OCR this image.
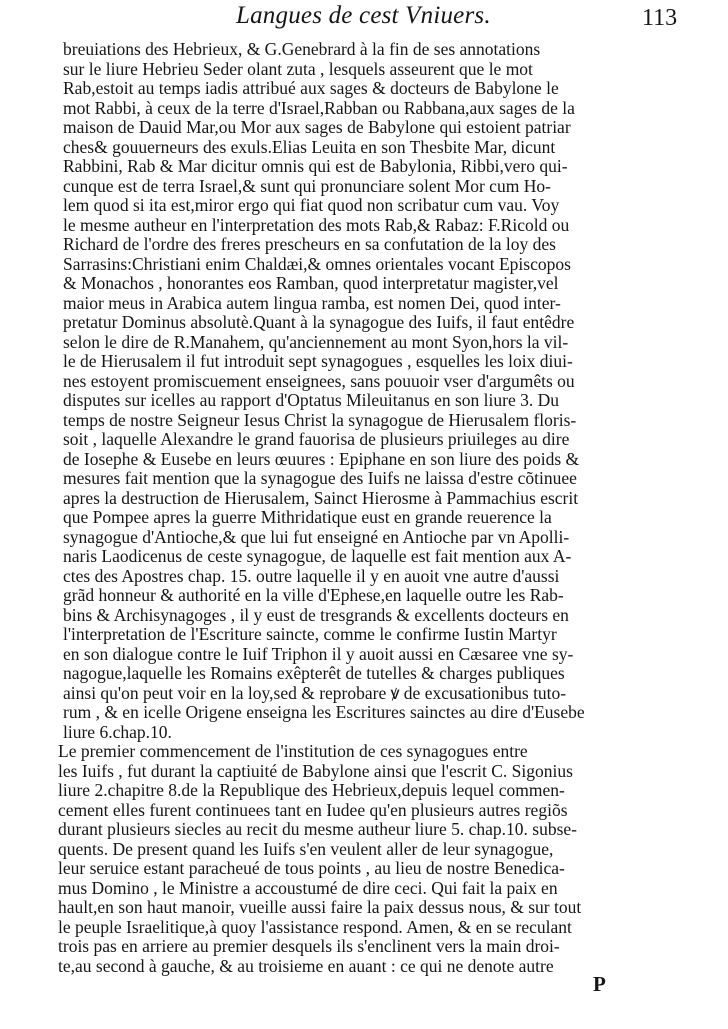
Langues de cest Vniuers.	113
breuiations des Hebrieux, & G.Genebrard à la fin de ses annotations
sur le liure Hebrieu Seder olant zuta , lesquels asseurent que le mot
Rab,estoit au temps iadis attribué aux sages & docteurs de Babylone le
mot Rabbi, à ceux de la terre d'Israel,Rabban ou Rabbana,aux sages de la
maison de Dauid Mar,ou Mor aux sages de Babylone qui estoient patriar
ches& gouuerneurs des exuls.Elias Leuita en son Thesbite Mar, dicunt
Rabbini, Rab & Mar dicitur omnis qui est de Babylonia, Ribbi,vero qui-
cunque est de terra Israel,& sunt qui pronunciare solent Mor cum Ho-
lem quod si ita est,miror ergo qui fiat quod non scribatur cum vau. Voy
le mesme autheur en l'interpretation des mots Rab,& Rabaz: F.Ricold ou
Richard de l'ordre des freres prescheurs en sa confutation de la loy des
Sarrasins:Christiani enim Chaldæi,& omnes orientales vocant Episcopos
& Monachos , honorantes eos Ramban, quod interpretatur magister,vel
maior meus in Arabica autem lingua ramba, est nomen Dei, quod inter-
pretatur Dominus absolutè.Quant à la synagogue des Iuifs, il faut entêdre
selon le dire de R.Manahem, qu'anciennement au mont Syon,hors la vil-
le de Hierusalem il fut introduit sept synagogues , esquelles les loix diui-
nes estoyent promiscuement enseignees, sans pouuoir vser d'argumêts ou
disputes sur icelles au rapport d'Optatus Mileuitanus en son liure 3. Du
temps de nostre Seigneur Iesus Christ la synagogue de Hierusalem floris-
soit , laquelle Alexandre le grand fauorisa de plusieurs priuileges au dire
de Iosephe & Eusebe en leurs œuures : Epiphane en son liure des poids &
mesures fait mention que la synagogue des Iuifs ne laissa d'estre cõtinuee
apres la destruction de Hierusalem, Sainct Hierosme à Pammachius escrit
que Pompee apres la guerre Mithridatique eust en grande reuerence la
synagogue d'Antioche,& que lui fut enseigné en Antioche par vn Apolli-
naris Laodicenus de ceste synagogue, de laquelle est fait mention aux A-
ctes des Apostres chap. 15. outre laquelle il y en auoit vne autre d'aussi
grãd honneur & authorité en la ville d'Ephese,en laquelle outre les Rab-
bins & Archisynagoges , il y eust de tresgrands & excellents docteurs en
l'interpretation de l'Escriture saincte, comme le confirme Iustin Martyr
en son dialogue contre le Iuif Triphon il y auoit aussi en Cæsaree vne sy-
nagogue,laquelle les Romains exêpterêt de tutelles & charges publiques
ainsi qu'on peut voir en la loy,sed & reprobare ꝟ de excusationibus tuto-
rum , & en icelle Origene enseigna les Escritures sainctes au dire d'Eusebe
liure 6.chap.10.
Le premier commencement de l'institution de ces synagogues entre
les Iuifs , fut durant la captiuité de Babylone ainsi que l'escrit C. Sigonius
liure 2.chapitre 8.de la Republique des Hebrieux,depuis lequel commen-
cement elles furent continuees tant en Iudee qu'en plusieurs autres regiõs
durant plusieurs siecles au recit du mesme autheur liure 5. chap.10. subse-
quents. De present quand les Iuifs s'en veulent aller de leur synagogue,
leur seruice estant paracheué de tous points , au lieu de nostre Benedica-
mus Domino , le Ministre a accoustumé de dire ceci. Qui fait la paix en
hault,en son haut manoir, vueille aussi faire la paix dessus nous, & sur tout
le peuple Israelitique,à quoy l'assistance respond. Amen, & en se reculant
trois pas en arriere au premier desquels ils s'enclinent vers la main droi-
te,au second à gauche, & au troisieme en auant : ce qui ne denote autre
P
